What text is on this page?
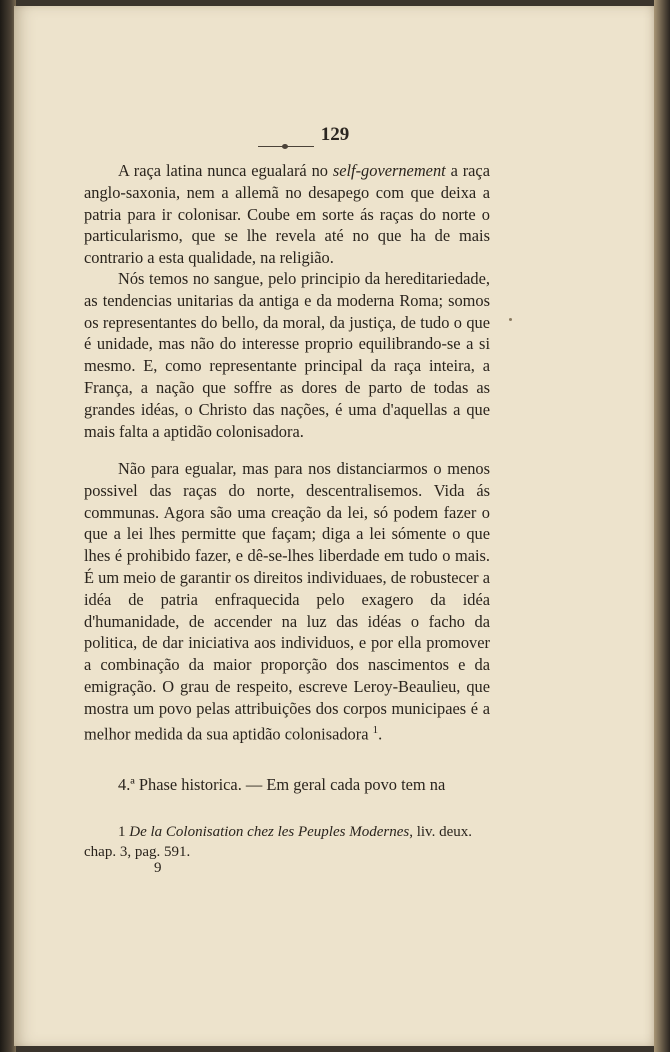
129

A raça latina nunca egualará no self-governement a raça anglo-saxonia, nem a allemã no desapego com que deixa a patria para ir colonisar. Coube em sorte ás raças do norte o particularismo, que se lhe revela até no que ha de mais contrario a esta qualidade, na religião.

Nós temos no sangue, pelo principio da hereditariedade, as tendencias unitarias da antiga e da moderna Roma; somos os representantes do bello, da moral, da justiça, de tudo o que é unidade, mas não do interesse proprio equilibrando-se a si mesmo. E, como representante principal da raça inteira, a França, a nação que soffre as dores de parto de todas as grandes idéas, o Christo das nações, é uma d'aquellas a que mais falta a aptidão colonisadora.

Não para egualar, mas para nos distanciarmos o menos possivel das raças do norte, descentralisemos. Vida ás communas. Agora são uma creação da lei, só podem fazer o que a lei lhes permitte que façam; diga a lei sómente o que lhes é prohibido fazer, e dê-se-lhes liberdade em tudo o mais. É um meio de garantir os direitos individuaes, de robustecer a idéa de patria enfraquecida pelo exagero da idéa d'humanidade, de accender na luz das idéas o facho da politica, de dar iniciativa aos individuos, e por ella promover a combinação da maior proporção dos nascimentos e da emigração. O grau de respeito, escreve Leroy-Beaulieu, que mostra um povo pelas attribuições dos corpos municipaes é a melhor medida da sua aptidão colonisadora $^1$.

4.ª Phase historica. — Em geral cada povo tem na

1 De la Colonisation chez les Peuples Modernes, liv. deux. chap. 3, pag. 591.
9
